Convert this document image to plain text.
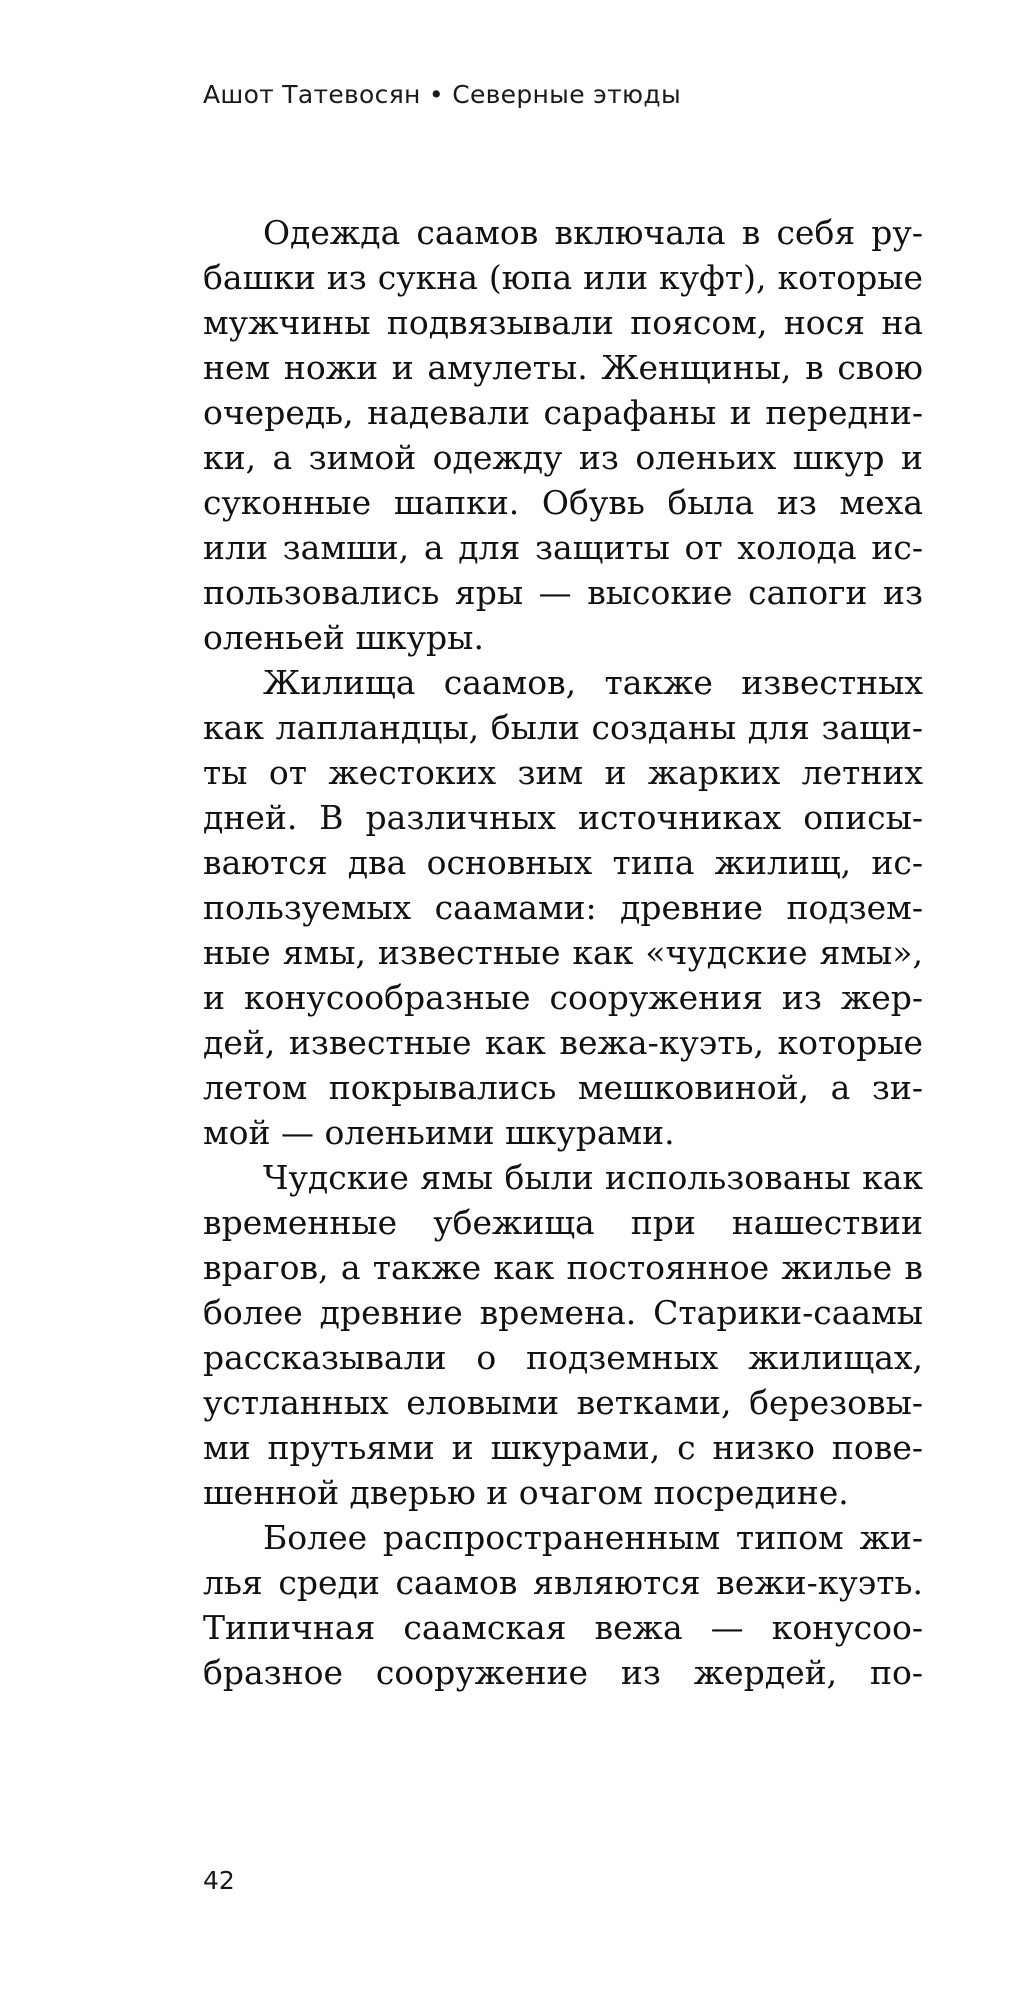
Ашот Татевосян • Северные этюды

Одежда саамов включала в себя ру-
башки из сукна (юпа или куфт), которые
мужчины подвязывали поясом, нося на
нем ножи и амулеты. Женщины, в свою
очередь, надевали сарафаны и передни-
ки, а зимой одежду из оленьих шкур и
суконные шапки. Обувь была из меха
или замши, а для защиты от холода ис-
пользовались яры — высокие сапоги из
оленьей шкуры.

Жилища саамов, также известных
как лапландцы, были созданы для защи-
ты от жестоких зим и жарких летних
дней. В различных источниках описы-
ваются два основных типа жилищ, ис-
пользуемых саамами: древние подзем-
ные ямы, известные как «чудские ямы»,
и конусообразные сооружения из жер-
дей, известные как вежа-куэть, которые
летом покрывались мешковиной, а зи-
мой — оленьими шкурами.

Чудские ямы были использованы как
временные убежища при нашествии
врагов, а также как постоянное жилье в
более древние времена. Старики-саамы
рассказывали о подземных жилищах,
устланных еловыми ветками, березовы-
ми прутьями и шкурами, с низко пове-
шенной дверью и очагом посредине.

Более распространенным типом жи-
лья среди саамов являются вежи-куэть.
Типичная саамская вежа — конусоо-
бразное сооружение из жердей, по-

42
